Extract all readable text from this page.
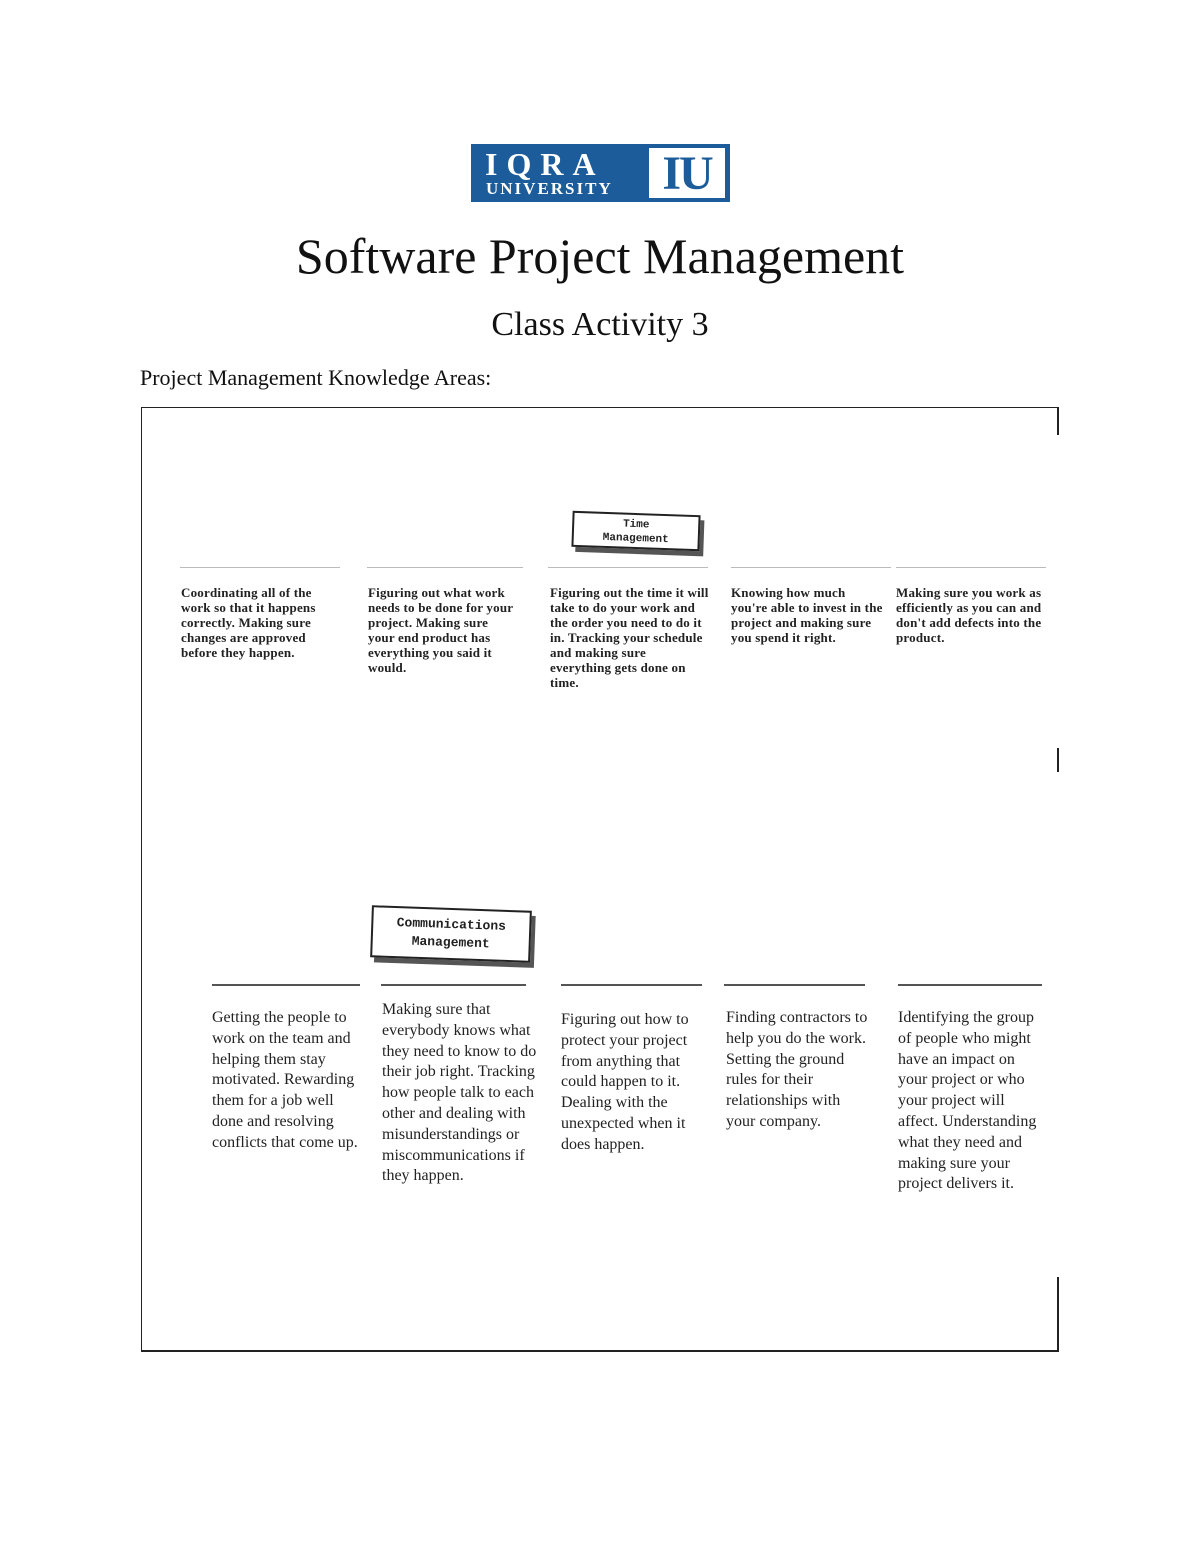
IQRA
UNIVERSITY IU
Software Project Management
Class Activity 3
Project Management Knowledge Areas:
Time
Management
Coordinating all of the work so that it happens correctly. Making sure changes are approved before they happen.
Figuring out what work needs to be done for your project. Making sure your end product has everything you said it would.
Figuring out the time it will take to do your work and the order you need to do it in. Tracking your schedule and making sure everything gets done on time.
Knowing how much you're able to invest in the project and making sure you spend it right.
Making sure you work as efficiently as you can and don't add defects into the product.
Communications
Management
Getting the people to work on the team and helping them stay motivated. Rewarding them for a job well done and resolving conflicts that come up.
Making sure that everybody knows what they need to know to do their job right. Tracking how people talk to each other and dealing with misunderstandings or miscommunications if they happen.
Figuring out how to protect your project from anything that could happen to it. Dealing with the unexpected when it does happen.
Finding contractors to help you do the work. Setting the ground rules for their relationships with your company.
Identifying the group of people who might have an impact on your project or who your project will affect. Understanding what they need and making sure your project delivers it.
